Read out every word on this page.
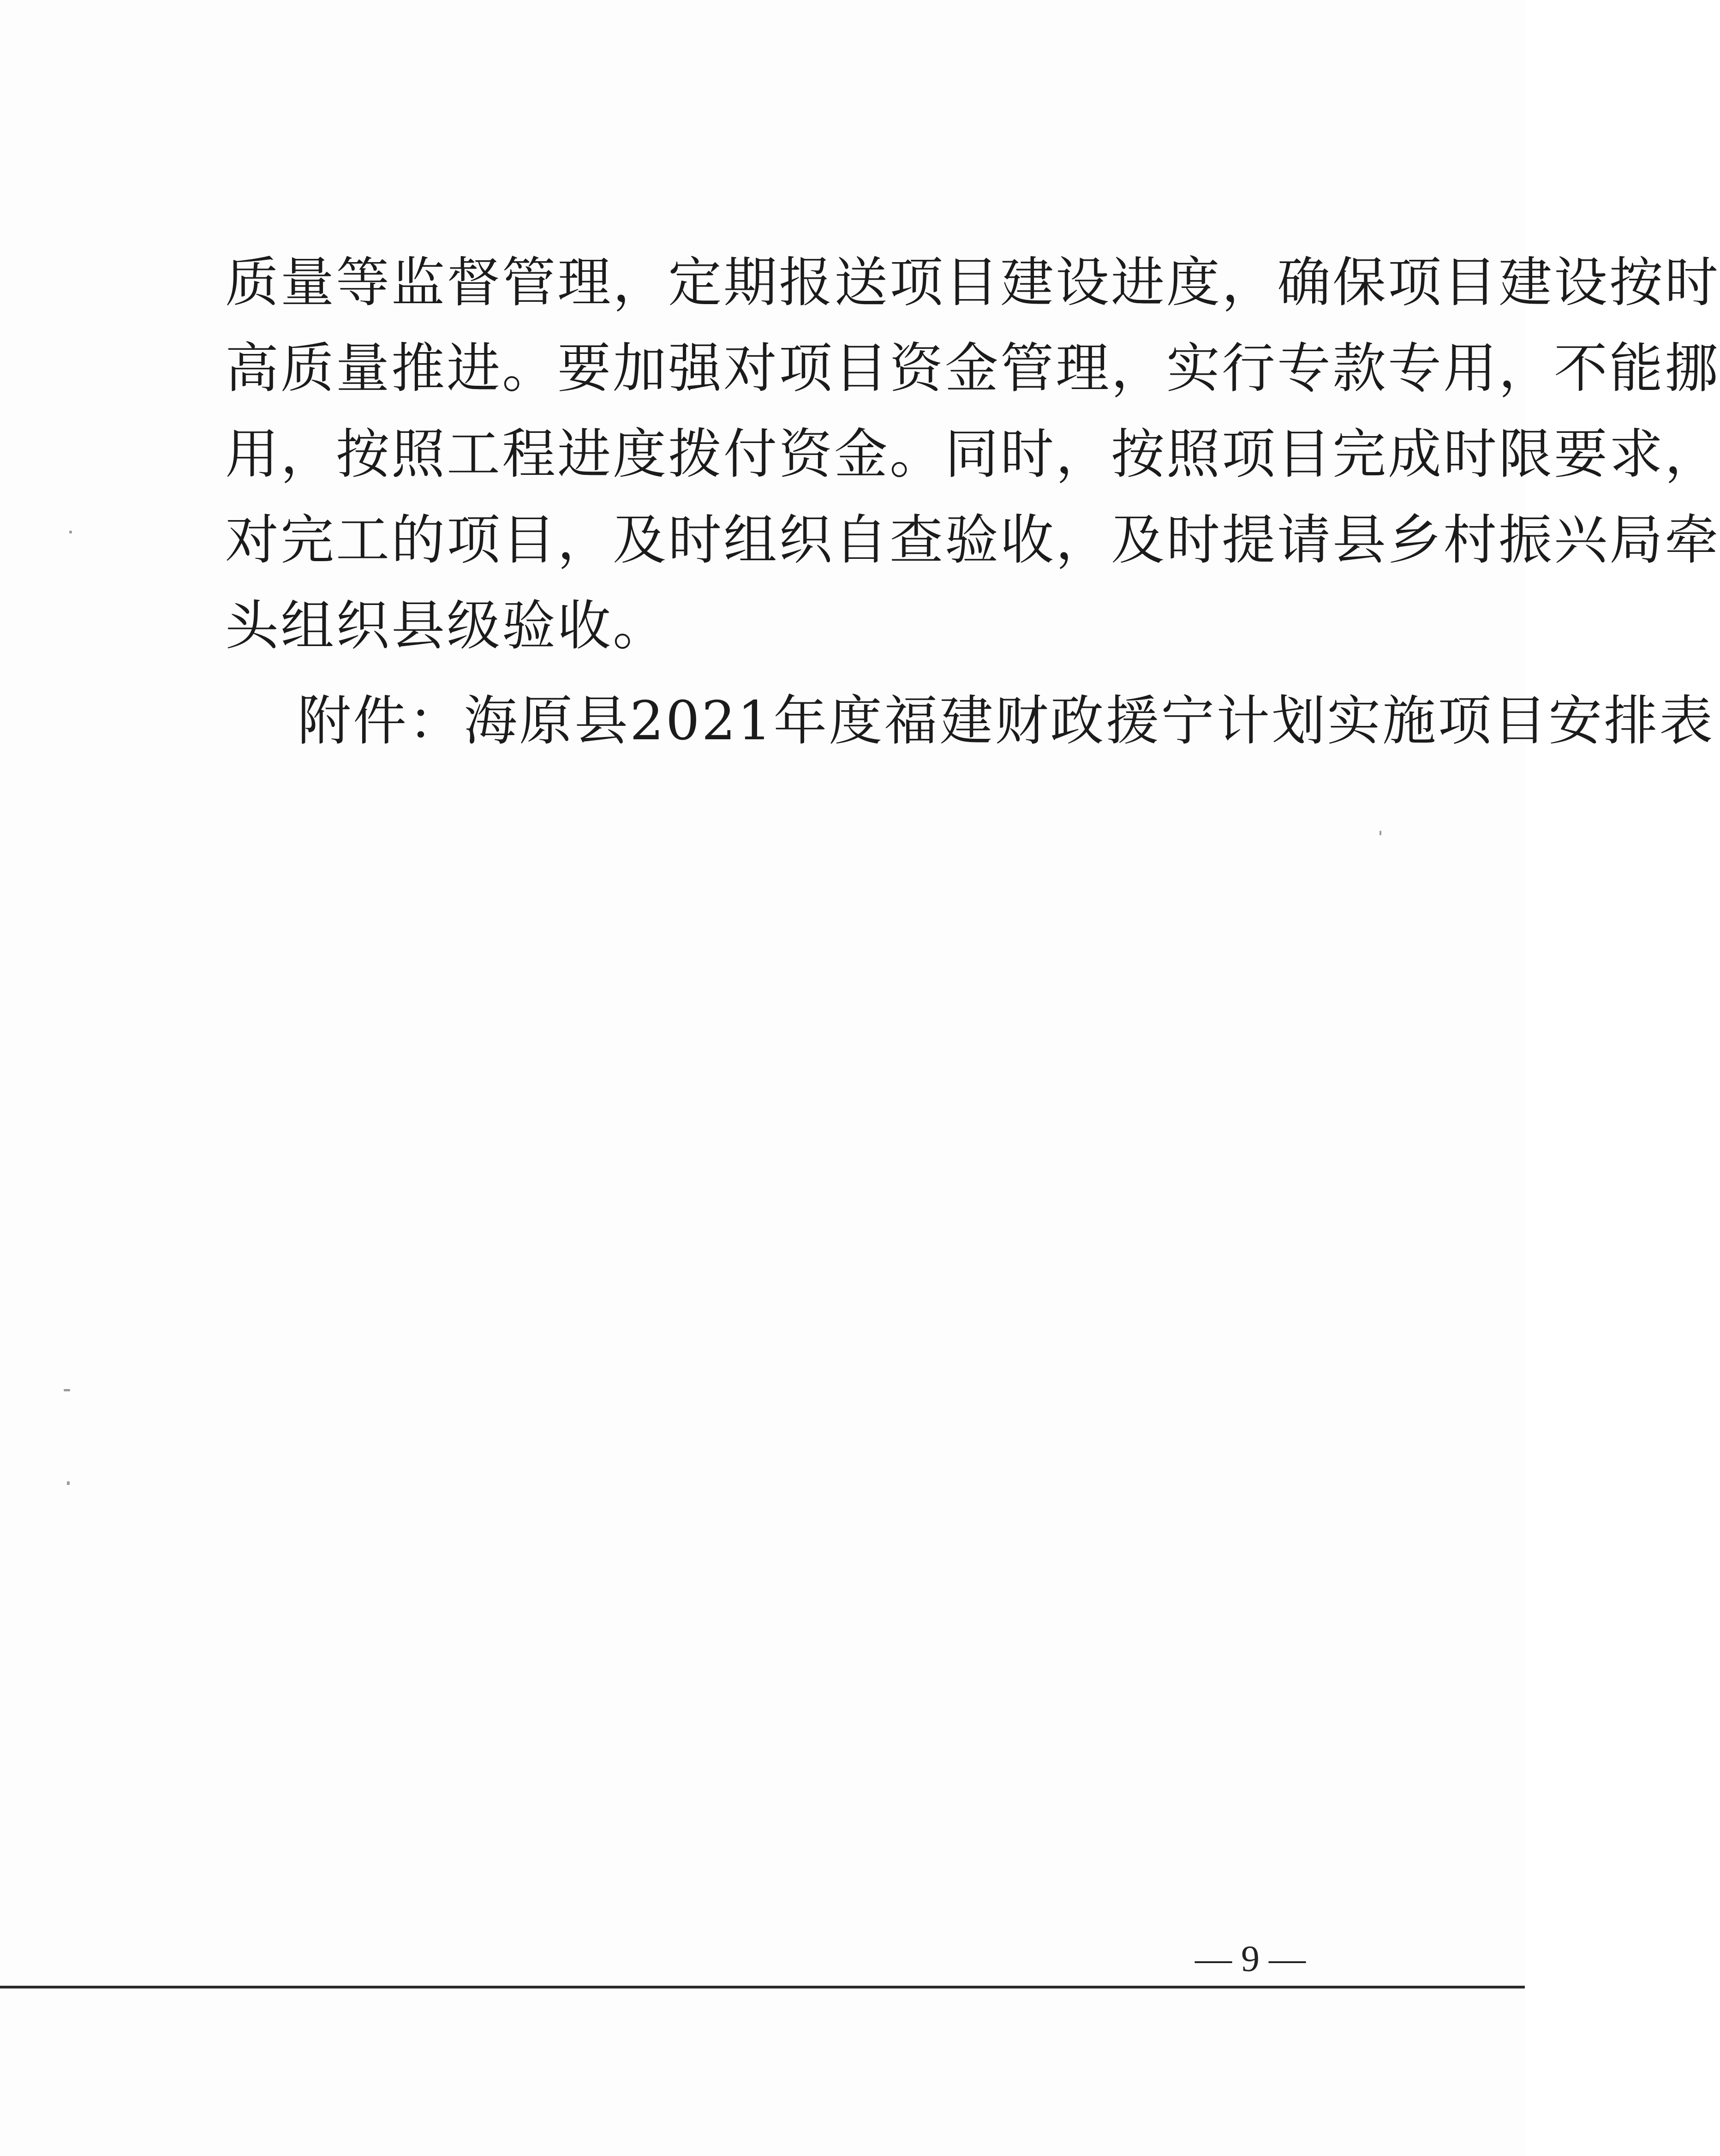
质量等监督管理，定期报送项目建设进度，确保项目建设按时
高质量推进。要加强对项目资金管理，实行专款专用，不能挪
用，按照工程进度拨付资金。同时，按照项目完成时限要求，
对完工的项目，及时组织自查验收，及时提请县乡村振兴局牵
头组织县级验收。

附件：海原县2021年度福建财政援宁计划实施项目安排表

— 9 —
